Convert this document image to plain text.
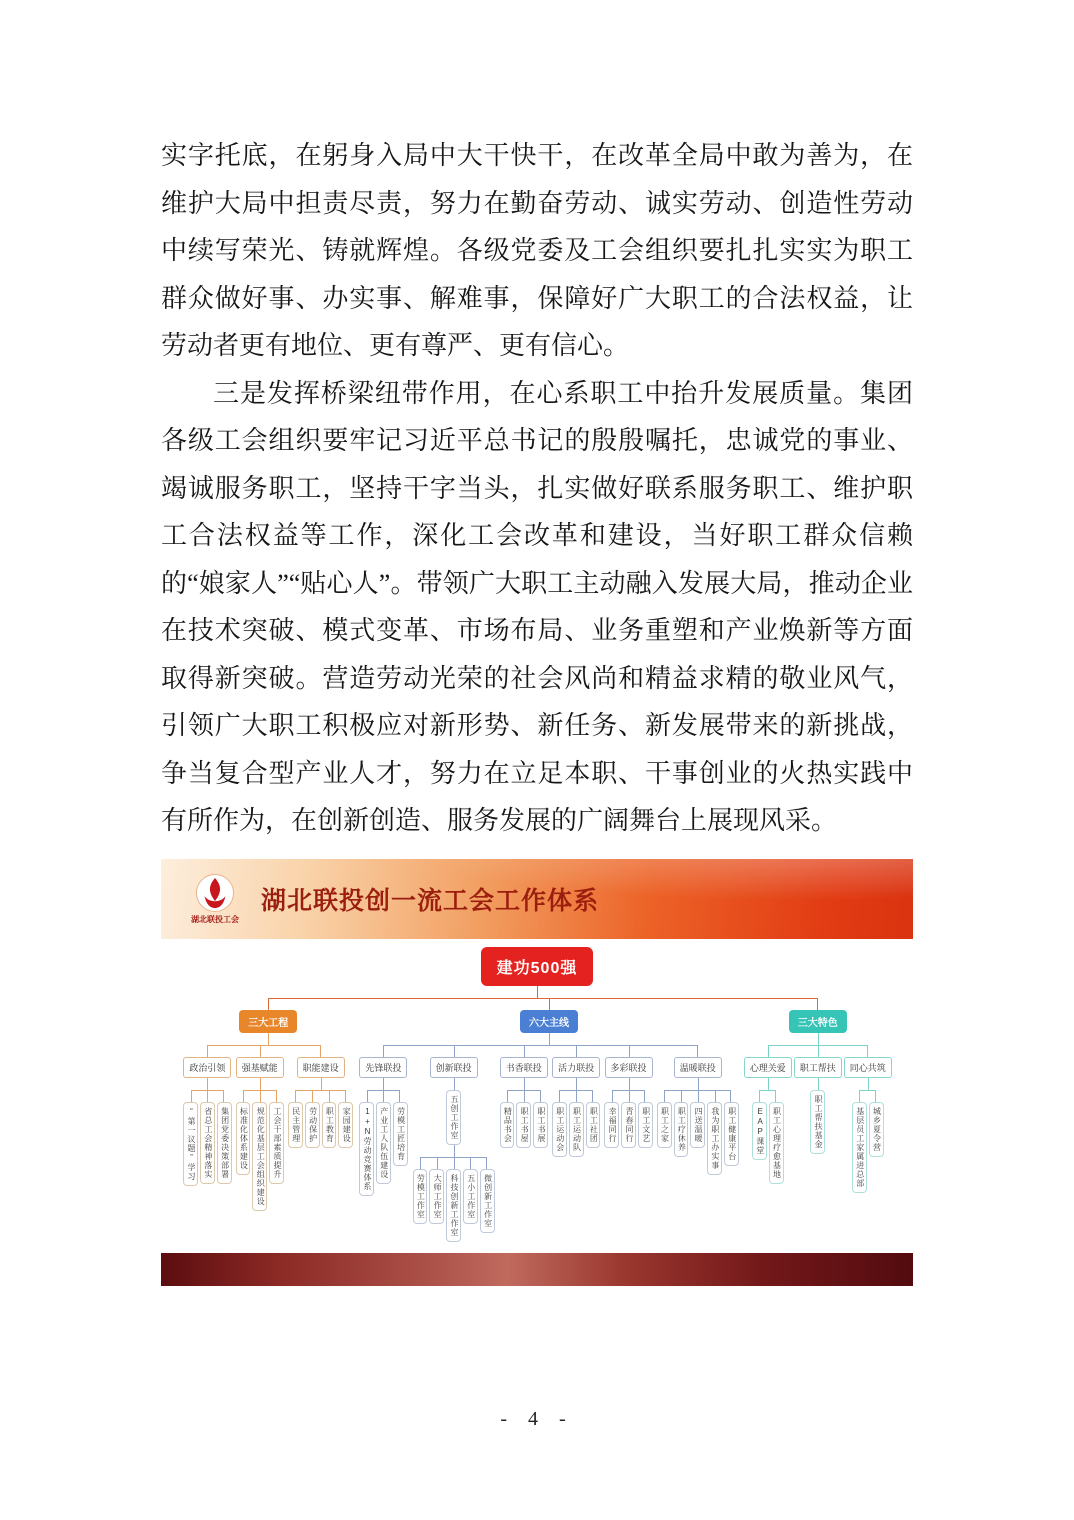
实字托底，在躬身入局中大干快干，在改革全局中敢为善为，在维护大局中担责尽责，努力在勤奋劳动、诚实劳动、创造性劳动中续写荣光、铸就辉煌。各级党委及工会组织要扎扎实实为职工群众做好事、办实事、解难事，保障好广大职工的合法权益，让劳动者更有地位、更有尊严、更有信心。
三是发挥桥梁纽带作用，在心系职工中抬升发展质量。集团各级工会组织要牢记习近平总书记的殷殷嘱托，忠诚党的事业、竭诚服务职工，坚持干字当头，扎实做好联系服务职工、维护职工合法权益等工作，深化工会改革和建设，当好职工群众信赖的“娘家人”“贴心人”。带领广大职工主动融入发展大局，推动企业在技术突破、模式变革、市场布局、业务重塑和产业焕新等方面取得新突破。营造劳动光荣的社会风尚和精益求精的敬业风气，引领广大职工积极应对新形势、新任务、新发展带来的新挑战，争当复合型产业人才，努力在立足本职、干事创业的火热实践中有所作为，在创新创造、服务发展的广阔舞台上展现风采。
湖北联投工会
湖北联投创一流工会工作体系
建功500强
三大工程
政治引领
“第一议题”学习 省总工会精神落实 集团党委决策部署
强基赋能
标准化体系建设 规范化基层工会组织建设 工会干部素质提升
职能建设
民主管理 劳动保护 职工教育 家园建设
六大主线
先锋联投
1+N劳动竞赛体系 产业工人队伍建设 劳模工匠培育
创新联投
五创工作室
劳模工作室 大师工作室 科技创新工作室 五小工作室 微创新工作室
书香联投
精品书会 职工书屋 职工书展
活力联投
职工运动会 职工运动队 职工社团
多彩联投
幸福同行 青春同行 职工文艺
温暖联投
职工之家 职工疗休养 四送温暖 我为职工办实事 职工健康平台
三大特色
心理关爱
EAP课堂 职工心理疗愈基地
职工帮扶
职工帮扶基金
同心共筑
基层员工家属进总部 城乡夏令营
- 4 -
